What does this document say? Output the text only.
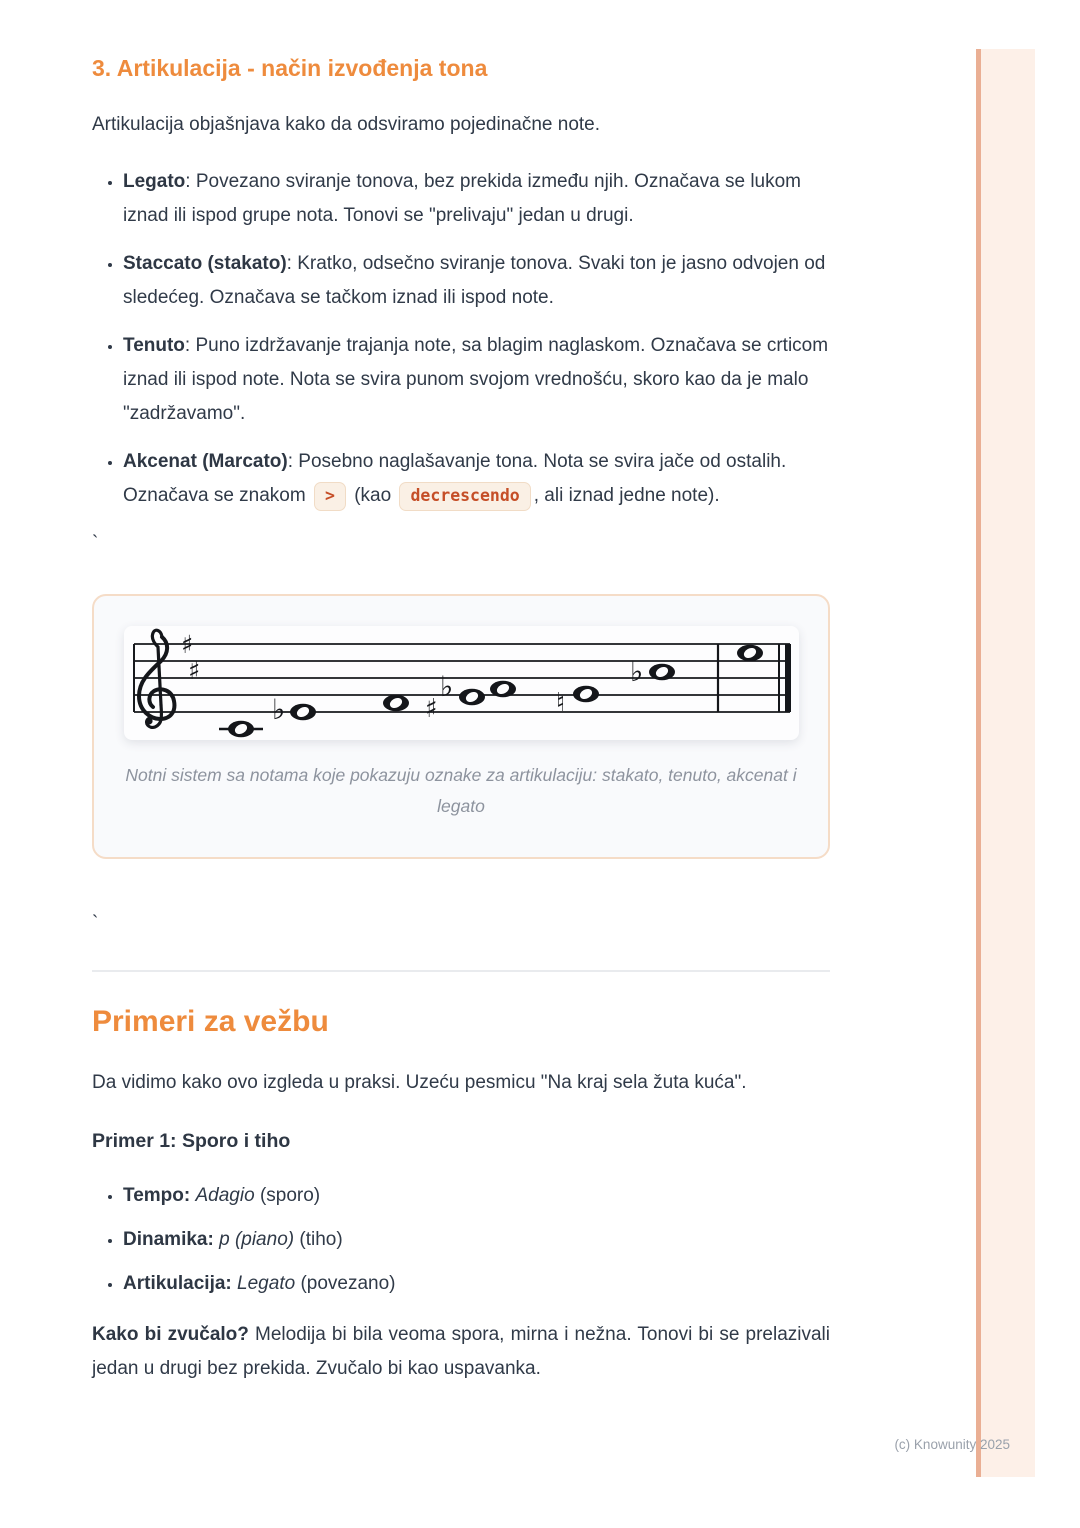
3. Artikulacija - način izvođenja tona

Artikulacija objašnjava kako da odsviramo pojedinačne note.

• Legato: Povezano sviranje tonova, bez prekida između njih. Označava se lukom iznad ili ispod grupe nota. Tonovi se "prelivaju" jedan u drugi.
• Staccato (stakato): Kratko, odsečno sviranje tonova. Svaki ton je jasno odvojen od sledećeg. Označava se tačkom iznad ili ispod note.
• Tenuto: Puno izdržavanje trajanja note, sa blagim naglaskom. Označava se crticom iznad ili ispod note. Nota se svira punom svojom vrednošću, skoro kao da je malo "zadržavamo".
• Akcenat (Marcato): Posebno naglašavanje tona. Nota se svira jače od ostalih. Označava se znakom > (kao decrescendo , ali iznad jedne note).

`

♯
♯
♭	♯
♭	♮
♭
Notni sistem sa notama koje pokazuju oznake za artikulaciju: stakato, tenuto, akcenat i legato

`

Primeri za vežbu

Da vidimo kako ovo izgleda u praksi. Uzeću pesmicu "Na kraj sela žuta kuća".

Primer 1: Sporo i tiho
• Tempo: Adagio (sporo)
• Dinamika: p (piano) (tiho)
• Artikulacija: Legato (povezano)

Kako bi zvučalo? Melodija bi bila veoma spora, mirna i nežna. Tonovi bi se prelazivali jedan u drugi bez prekida. Zvučalo bi kao uspavanka.

(c) Knowunity 2025
